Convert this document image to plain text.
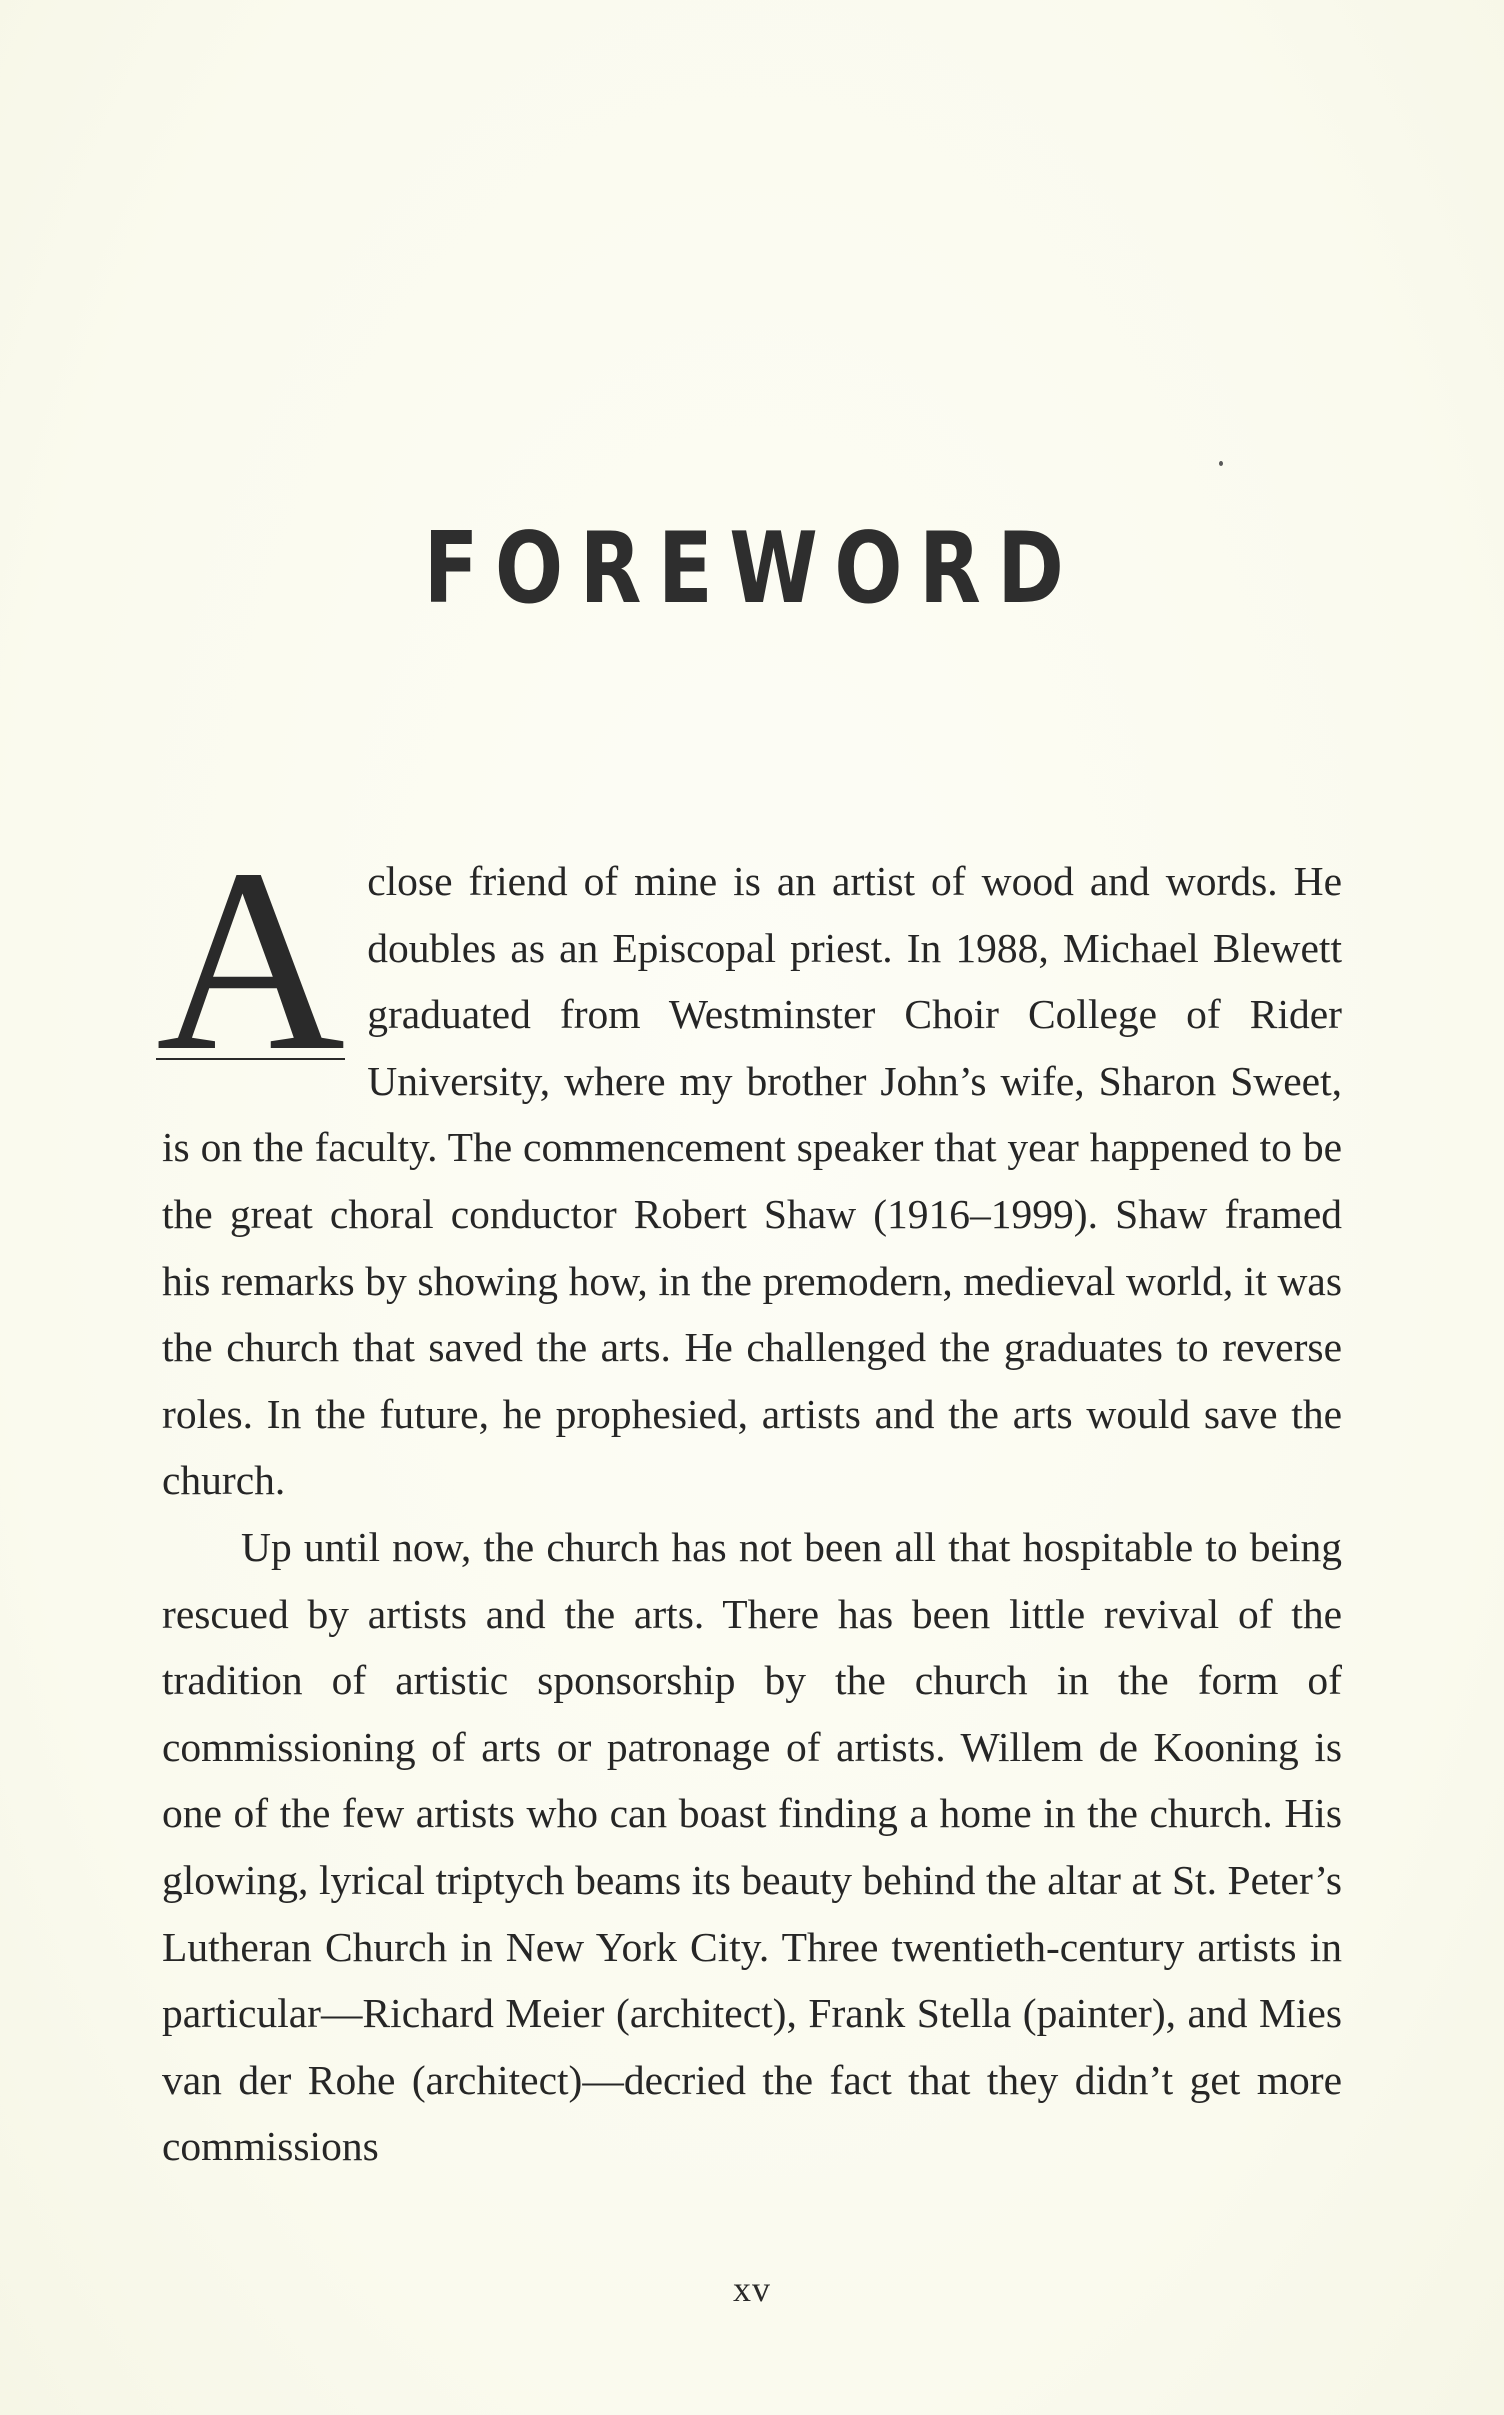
FOREWORD

A close friend of mine is an artist of wood and words. He doubles as an Episcopal priest. In 1988, Michael Blewett graduated from Westminster Choir College of Rider University, where my brother John’s wife, Sharon Sweet, is on the faculty. The commencement speaker that year happened to be the great choral conductor Robert Shaw (1916–1999). Shaw framed his remarks by showing how, in the premodern, medieval world, it was the church that saved the arts. He challenged the graduates to reverse roles. In the future, he prophesied, artists and the arts would save the church.

Up until now, the church has not been all that hospitable to being rescued by artists and the arts. There has been little revival of the tradition of artistic sponsorship by the church in the form of commissioning of arts or patronage of artists. Willem de Kooning is one of the few artists who can boast finding a home in the church. His glowing, lyrical triptych beams its beauty behind the altar at St. Peter’s Lutheran Church in New York City. Three twentieth-century artists in particular—Richard Meier (architect), Frank Stella (painter), and Mies van der Rohe (architect)—decried the fact that they didn’t get more commissions

xv
